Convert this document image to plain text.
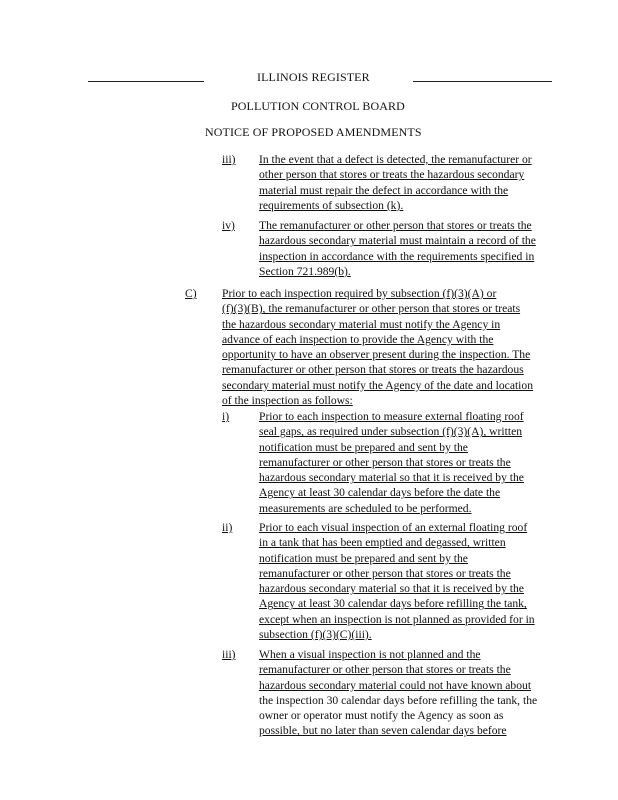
ILLINOIS REGISTER
POLLUTION CONTROL BOARD
NOTICE OF PROPOSED AMENDMENTS
iii) In the event that a defect is detected, the remanufacturer or
other person that stores or treats the hazardous secondary
material must repair the defect in accordance with the
requirements of subsection (k).
iv) The remanufacturer or other person that stores or treats the
hazardous secondary material must maintain a record of the
inspection in accordance with the requirements specified in
Section 721.989(b).
C) Prior to each inspection required by subsection (f)(3)(A) or
(f)(3)(B), the remanufacturer or other person that stores or treats
the hazardous secondary material must notify the Agency in
advance of each inspection to provide the Agency with the
opportunity to have an observer present during the inspection. The
remanufacturer or other person that stores or treats the hazardous
secondary material must notify the Agency of the date and location
of the inspection as follows:
i)	Prior to each inspection to measure external floating roof
seal gaps, as required under subsection (f)(3)(A), written
notification must be prepared and sent by the
remanufacturer or other person that stores or treats the
hazardous secondary material so that it is received by the
Agency at least 30 calendar days before the date the
measurements are scheduled to be performed.
ii) Prior to each visual inspection of an external floating roof
in a tank that has been emptied and degassed, written
notification must be prepared and sent by the
remanufacturer or other person that stores or treats the
hazardous secondary material so that it is received by the
Agency at least 30 calendar days before refilling the tank,
except when an inspection is not planned as provided for in
subsection (f)(3)(C)(iii).
iii) When a visual inspection is not planned and the
remanufacturer or other person that stores or treats the
hazardous secondary material could not have known about
the inspection 30 calendar days before refilling the tank, the
owner or operator must notify the Agency as soon as
possible, but no later than seven calendar days before
